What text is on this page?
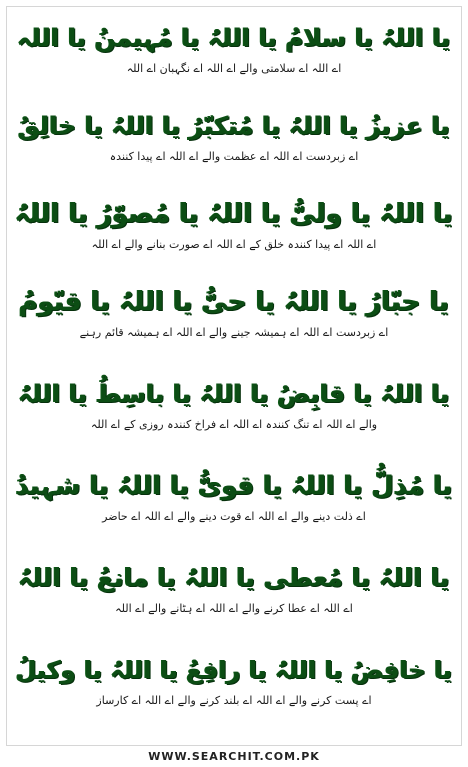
یا اللہُ یا سلامُ یا اللہُ یا مُہیمنُ یا اللہ
اے اللہ اے سلامتی والے اے اللہ اے نگہبان اے اللہ
یا عزیزُ یا اللہُ یا مُتکبّرُ یا اللہُ یا خالِقُ
اے زبردست اے اللہ اے عظمت والے اے اللہ اے پیدا کنندہ
یا اللہُ یا ولیُّ یا اللہُ یا مُصوّرُ یا اللہُ
اے اللہ اے پیدا کنندہ خلق کے اے اللہ اے صورت بنانے والے اے اللہ
یا جبّارُ یا اللہُ یا حیُّ یا اللہُ یا قیّومُ
اے زبردست اے اللہ اے ہمیشہ جینے والے اے اللہ اے ہمیشہ قائم رہنے
یا اللہُ یا قابِضُ یا اللہُ یا باسِطُ یا اللہُ
والے اے اللہ اے تنگ کنندہ اے اللہ اے فراخ کنندہ روزی کے اے اللہ
یا مُذِلُّ یا اللہُ یا قویُّ یا اللہُ یا شہیدُ
اے ذلت دینے والے اے اللہ اے قوت دینے والے اے اللہ اے حاضر
یا اللہُ یا مُعطی یا اللہُ یا مانعُ یا اللہُ
اے اللہ اے عطا کرنے والے اے اللہ اے ہٹانے والے اے اللہ
یا خافِضُ یا اللہُ یا رافِعُ یا اللہُ یا وکیلُ
اے پست کرنے والے اے اللہ اے بلند کرنے والے اے اللہ اے کارساز
WWW.SEARCHIT.COM.PK
